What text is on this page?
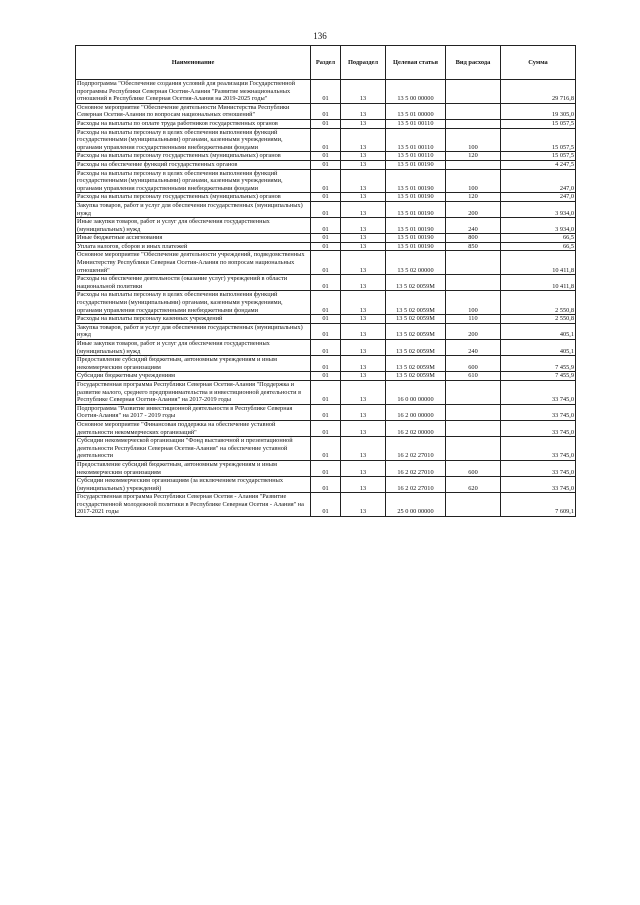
136
Наименование	Раздел	Подраздел	Целевая статья	Вид расхода	Сумма
Подпрограмма "Обеспечение создания условий для реализации Государственной программы Республики Северная Осетия-Алания "Развитие межнациональных отношений в Республике Северная Осетия-Алания на 2019-2025 годы"	01	13	13 5 00 00000		29 716,8
Основное мероприятие "Обеспечение деятельности Министерства Республики Северная Осетия-Алания по вопросам национальных отношений"	01	13	13 5 01 00000		19 305,0
Расходы на выплаты по оплате труда работников государственных органов	01	13	13 5 01 00110		15 057,5
Расходы на выплаты персоналу в целях обеспечения выполнения функций государственными (муниципальными) органами, казенными учреждениями, органами управления государственными внебюджетными фондами	01	13	13 5 01 00110	100	15 057,5
Расходы на выплаты персоналу государственных (муниципальных) органов	01	13	13 5 01 00110	120	15 057,5
Расходы на обеспечение функций государственных органов	01	13	13 5 01 00190		4 247,5
Расходы на выплаты персоналу в целях обеспечения выполнения функций государственными (муниципальными) органами, казенными учреждениями, органами управления государственными внебюджетными фондами	01	13	13 5 01 00190	100	247,0
Расходы на выплаты персоналу государственных (муниципальных) органов	01	13	13 5 01 00190	120	247,0
Закупка товаров, работ и услуг для обеспечения государственных (муниципальных) нужд	01	13	13 5 01 00190	200	3 934,0
Иные закупки товаров, работ и услуг для обеспечения государственных (муниципальных) нужд	01	13	13 5 01 00190	240	3 934,0
Иные бюджетные ассигнования	01	13	13 5 01 00190	800	66,5
Уплата налогов, сборов и иных платежей	01	13	13 5 01 00190	850	66,5
Основное мероприятие "Обеспечение деятельности учреждений, подведомственных Министерству Республики Северная Осетия-Алания по вопросам национальных отношений"	01	13	13 5 02 00000		10 411,8
Расходы на обеспечение деятельности (оказание услуг) учреждений в области национальной политики	01	13	13 5 02 0059М		10 411,8
Расходы на выплаты персоналу в целях обеспечения выполнения функций государственными (муниципальными) органами, казенными учреждениями, органами управления государственными внебюджетными фондами	01	13	13 5 02 0059М	100	2 550,8
Расходы на выплаты персоналу казенных учреждений	01	13	13 5 02 0059М	110	2 550,8
Закупка товаров, работ и услуг для обеспечения государственных (муниципальных) нужд	01	13	13 5 02 0059М	200	405,1
Иные закупки товаров, работ и услуг для обеспечения государственных (муниципальных) нужд	01	13	13 5 02 0059М	240	405,1
Предоставление субсидий бюджетным, автономным учреждениям и иным некоммерческим организациям	01	13	13 5 02 0059М	600	7 455,9
Субсидии бюджетным учреждениям	01	13	13 5 02 0059М	610	7 455,9
Государственная программа Республики Северная Осетия-Алания "Поддержка и развитие малого, среднего предпринимательства и инвестиционной деятельности в Республике Северная Осетия-Алания" на 2017-2019 годы	01	13	16 0 00 00000		33 745,0
Подпрограмма "Развитие инвестиционной деятельности в Республике Северная Осетия-Алания" на 2017 - 2019 годы	01	13	16 2 00 00000		33 745,0
Основное мероприятие "Финансовая поддержка на обеспечение уставной деятельности некоммерческих организаций"	01	13	16 2 02 00000		33 745,0
Субсидии некоммерческой организации "Фонд выставочной и презентационной деятельности Республики Северная Осетия-Алания" на обеспечение уставной деятельности	01	13	16 2 02 27010		33 745,0
Предоставление субсидий бюджетным, автономным учреждениям и иным некоммерческим организациям	01	13	16 2 02 27010	600	33 745,0
Субсидии некоммерческим организациям (за исключением государственных (муниципальных) учреждений)	01	13	16 2 02 27010	620	33 745,0
Государственная программа Республики Северная Осетия - Алания "Развитие государственной молодежной политики в Республике Северная Осетия - Алания" на 2017-2021 годы	01	13	25 0 00 00000		7 609,1
